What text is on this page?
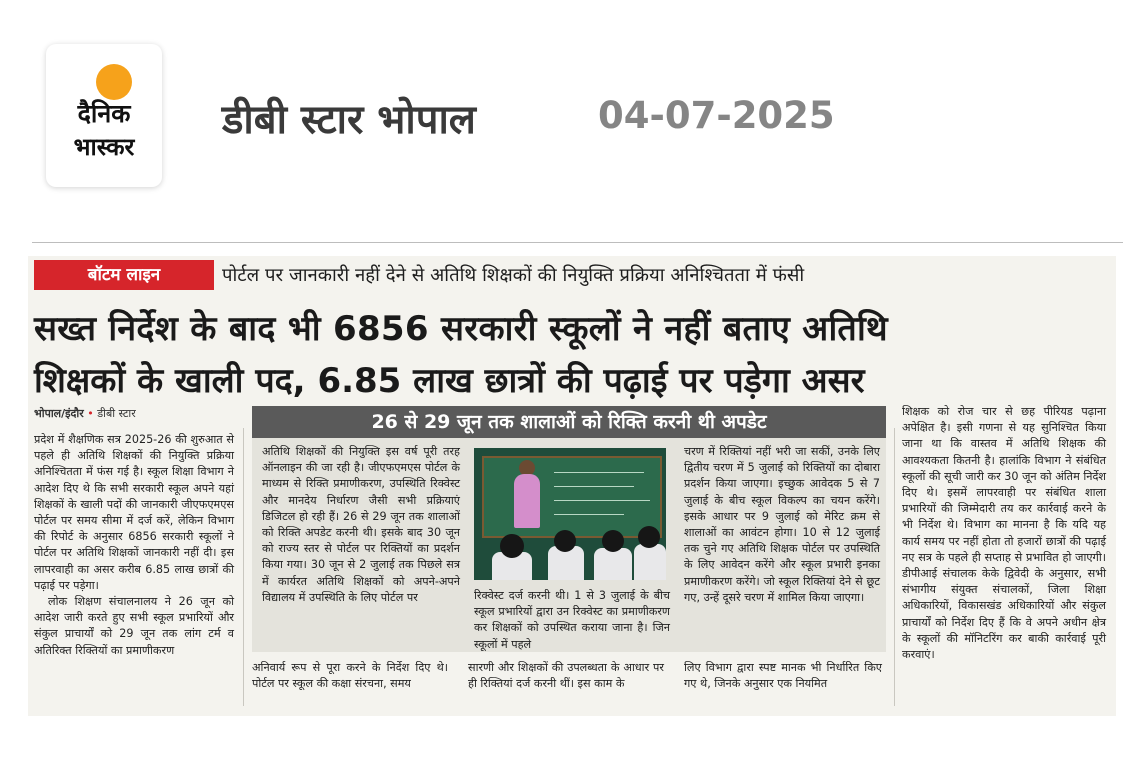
दैनिक
भास्कर
डीबी स्टार भोपाल	04-07-2025
बॉटम लाइन	पोर्टल पर जानकारी नहीं देने से अतिथि शिक्षकों की नियुक्ति प्रक्रिया अनिश्चितता में फंसी
सख्त निर्देश के बाद भी 6856 सरकारी स्कूलों ने नहीं बताए अतिथि
शिक्षकों के खाली पद, 6.85 लाख छात्रों की पढ़ाई पर पड़ेगा असर
भोपाल/इंदौर • डीबी स्टार

प्रदेश में शैक्षणिक सत्र 2025-26 की शुरुआत से पहले ही अतिथि शिक्षकों की नियुक्ति प्रक्रिया अनिश्चितता में फंस गई है। स्कूल शिक्षा विभाग ने आदेश दिए थे कि सभी सरकारी स्कूल अपने यहां शिक्षकों के खाली पदों की जानकारी जीएफएमएस पोर्टल पर समय सीमा में दर्ज करें, लेकिन विभाग की रिपोर्ट के अनुसार 6856 सरकारी स्कूलों ने पोर्टल पर अतिथि शिक्षकों जानकारी नहीं दी। इस लापरवाही का असर करीब 6.85 लाख छात्रों की पढ़ाई पर पड़ेगा।

लोक शिक्षण संचालनालय ने 26 जून को आदेश जारी करते हुए सभी स्कूल प्रभारियों और संकुल प्राचार्यों को 29 जून तक लांग टर्म व अतिरिक्त रिक्तियों का प्रमाणीकरण

26 से 29 जून तक शालाओं को रिक्ति करनी थी अपडेट
अतिथि शिक्षकों की नियुक्ति इस वर्ष पूरी तरह ऑनलाइन की जा रही है। जीएफएमएस पोर्टल के माध्यम से रिक्ति प्रमाणीकरण, उपस्थिति रिक्वेस्ट और मानदेय निर्धारण जैसी सभी प्रक्रियाएं डिजिटल हो रही हैं। 26 से 29 जून तक शालाओं को रिक्ति अपडेट करनी थी। इसके बाद 30 जून को राज्य स्तर से पोर्टल पर रिक्तियों का प्रदर्शन किया गया। 30 जून से 2 जुलाई तक पिछले सत्र में कार्यरत अतिथि शिक्षकों को अपने-अपने विद्यालय में उपस्थिति के लिए पोर्टल पर	रिक्वेस्ट दर्ज करनी थी। 1 से 3 जुलाई के बीच स्कूल प्रभारियों द्वारा उन रिक्वेस्ट का प्रमाणीकरण कर शिक्षकों को उपस्थित कराया जाना है। जिन स्कूलों में पहले
चरण में रिक्तियां नहीं भरी जा सकीं, उनके लिए द्वितीय चरण में 5 जुलाई को रिक्तियों का दोबारा प्रदर्शन किया जाएगा। इच्छुक आवेदक 5 से 7 जुलाई के बीच स्कूल विकल्प का चयन करेंगे। इसके आधार पर 9 जुलाई को मेरिट क्रम से शालाओं का आवंटन होगा। 10 से 12 जुलाई तक चुने गए अतिथि शिक्षक पोर्टल पर उपस्थिति के लिए आवेदन करेंगे और स्कूल प्रभारी इनका प्रमाणीकरण करेंगे। जो स्कूल रिक्तियां देने से छूट गए, उन्हें दूसरे चरण में शामिल किया जाएगा।
अनिवार्य रूप से पूरा करने के निर्देश दिए थे। पोर्टल पर स्कूल की कक्षा संरचना, समय
सारणी और शिक्षकों की उपलब्धता के आधार पर ही रिक्तियां दर्ज करनी थीं। इस काम के
लिए विभाग द्वारा स्पष्ट मानक भी निर्धारित किए गए थे, जिनके अनुसार एक नियमित
शिक्षक को रोज चार से छह पीरियड पढ़ाना अपेक्षित है। इसी गणना से यह सुनिश्चित किया जाना था कि वास्तव में अतिथि शिक्षक की आवश्यकता कितनी है। हालांकि विभाग ने संबंधित स्कूलों की सूची जारी कर 30 जून को अंतिम निर्देश दिए थे। इसमें लापरवाही पर संबंधित शाला प्रभारियों की जिम्मेदारी तय कर कार्रवाई करने के भी निर्देश थे। विभाग का मानना है कि यदि यह कार्य समय पर नहीं होता तो हजारों छात्रों की पढ़ाई नए सत्र के पहले ही सप्ताह से प्रभावित हो जाएगी। डीपीआई संचालक केके द्विवेदी के अनुसार, सभी संभागीय संयुक्त संचालकों, जिला शिक्षा अधिकारियों, विकासखंड अधिकारियों और संकुल प्राचार्यों को निर्देश दिए हैं कि वे अपने अधीन क्षेत्र के स्कूलों की मॉनिटरिंग कर बाकी कार्रवाई पूरी करवाएं।
